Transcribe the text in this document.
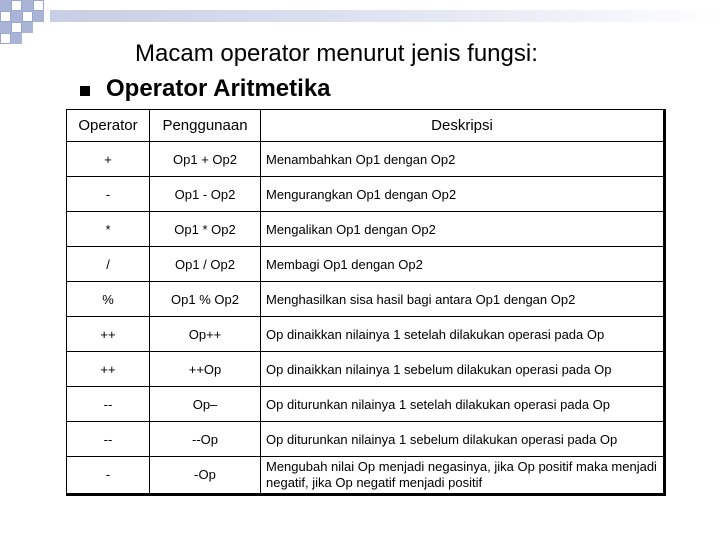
Macam operator menurut jenis fungsi:
Operator Aritmetika
Operator	Penggunaan	Deskripsi
+	Op1 + Op2	Menambahkan Op1 dengan Op2
-	Op1 - Op2	Mengurangkan Op1 dengan Op2
*	Op1 * Op2	Mengalikan Op1 dengan Op2
/	Op1 / Op2	Membagi Op1 dengan Op2
%	Op1 % Op2	Menghasilkan sisa hasil bagi antara Op1 dengan Op2
++	Op++	Op dinaikkan nilainya 1 setelah dilakukan operasi pada Op
++	++Op	Op dinaikkan nilainya 1 sebelum dilakukan operasi pada Op
--	Op–	Op diturunkan nilainya 1 setelah dilakukan operasi pada Op
--	--Op	Op diturunkan nilainya 1 sebelum dilakukan operasi pada Op
-	-Op	Mengubah nilai Op menjadi negasinya, jika Op positif maka menjadi negatif, jika Op negatif menjadi positif
